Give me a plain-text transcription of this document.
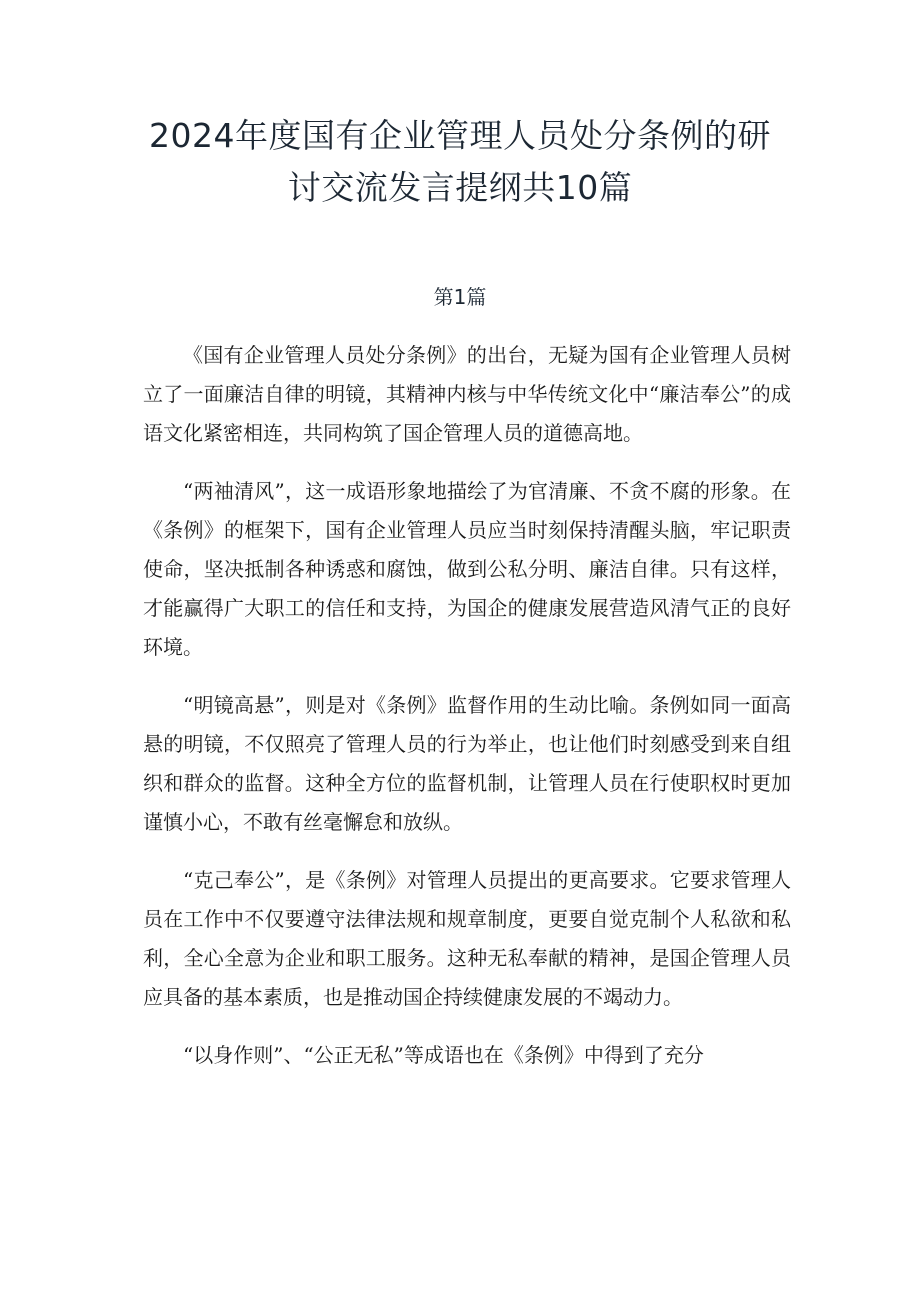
2024年度国有企业管理人员处分条例的研
讨交流发言提纲共10篇
第1篇

《国有企业管理人员处分条例》的出台，无疑为国有企业管理人员树立了一面廉洁自律的明镜，其精神内核与中华传统文化中“廉洁奉公”的成语文化紧密相连，共同构筑了国企管理人员的道德高地。

“两袖清风”，这一成语形象地描绘了为官清廉、不贪不腐的形象。在《条例》的框架下，国有企业管理人员应当时刻保持清醒头脑，牢记职责使命，坚决抵制各种诱惑和腐蚀，做到公私分明、廉洁自律。只有这样，才能赢得广大职工的信任和支持，为国企的健康发展营造风清气正的良好环境。

“明镜高悬”，则是对《条例》监督作用的生动比喻。条例如同一面高悬的明镜，不仅照亮了管理人员的行为举止，也让他们时刻感受到来自组织和群众的监督。这种全方位的监督机制，让管理人员在行使职权时更加谨慎小心，不敢有丝毫懈怠和放纵。

“克己奉公”，是《条例》对管理人员提出的更高要求。它要求管理人员在工作中不仅要遵守法律法规和规章制度，更要自觉克制个人私欲和私利，全心全意为企业和职工服务。这种无私奉献的精神，是国企管理人员应具备的基本素质，也是推动国企持续健康发展的不竭动力。

“以身作则”、“公正无私”等成语也在《条例》中得到了充分
